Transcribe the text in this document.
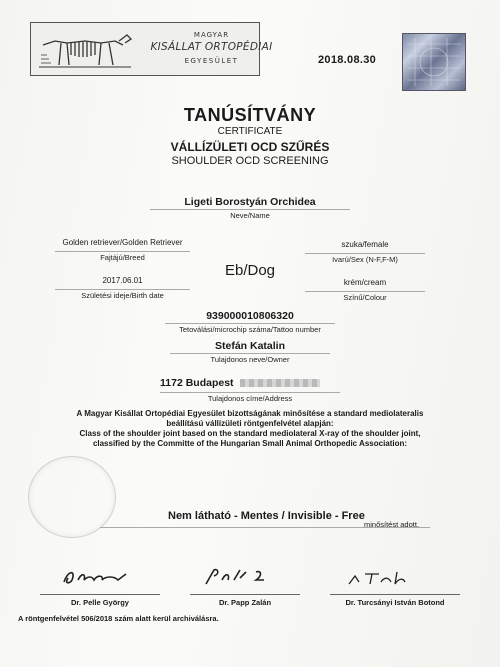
MAGYAR
KISÁLLAT ORTOPÉDIAI
EGYESÜLET	2018.08.30
TANÚSÍTVÁNY
CERTIFICATE
VÁLLÍZÜLETI OCD SZŰRÉS
SHOULDER OCD SCREENING
Ligeti Borostyán Orchidea
Neve/Name
Golden retriever/Golden Retriever
Fajtájú/Breed
Eb/Dog
szuka/female
Ivarú/Sex (N-F,F-M)
2017.06.01
Születési ideje/Birth date
krém/cream
Színű/Colour
939000010806320
Tetoválási/microchip száma/Tattoo number
Stefán Katalin
Tulajdonos neve/Owner
1172 Budapest
Tulajdonos címe/Address
A Magyar Kisállat Ortopédiai Egyesület bizottságának minősítése a standard mediolateralis
beállítású vállízületi röntgenfelvétel alapján:
Class of the shoulder joint based on the standard mediolateral X-ray of the shoulder joint,
classified by the Committe of the Hungarian Small Animal Orthopedic Association:
Nem látható - Mentes / Invisible - Free
minősítést adott.
Dr. Pelle György	Dr. Papp Zalán	Dr. Turcsányi István Botond
A röntgenfelvétel 506/2018 szám alatt kerül archiválásra.
